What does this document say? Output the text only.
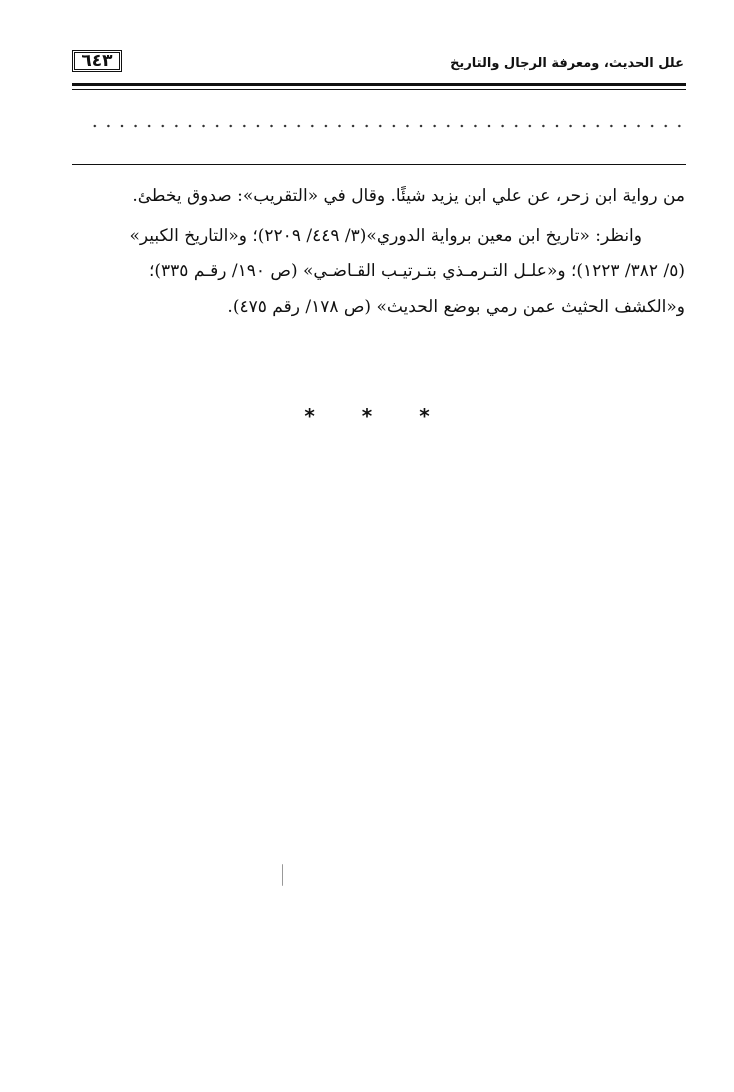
٦٤٣	علل الحديث، ومعرفة الرجال والتاريخ
من رواية ابن زحر، عن علي ابن يزيد شيئًا. وقال في «التقريب»: صدوق يخطئ.
وانظر: «تاريخ ابن معين برواية الدوري»(٣/ ٤٤٩/ ٢٢٠٩)؛ و«التاريخ الكبير»
(٥/ ٣٨٢/ ١٢٢٣)؛ و«علـل التـرمـذي بتـرتيـب القـاضـي» (ص ١٩٠/ رقـم ٣٣٥)؛
و«الكشف الحثيث عمن رمي بوضع الحديث» (ص ١٧٨/ رقم ٤٧٥).
* * *
